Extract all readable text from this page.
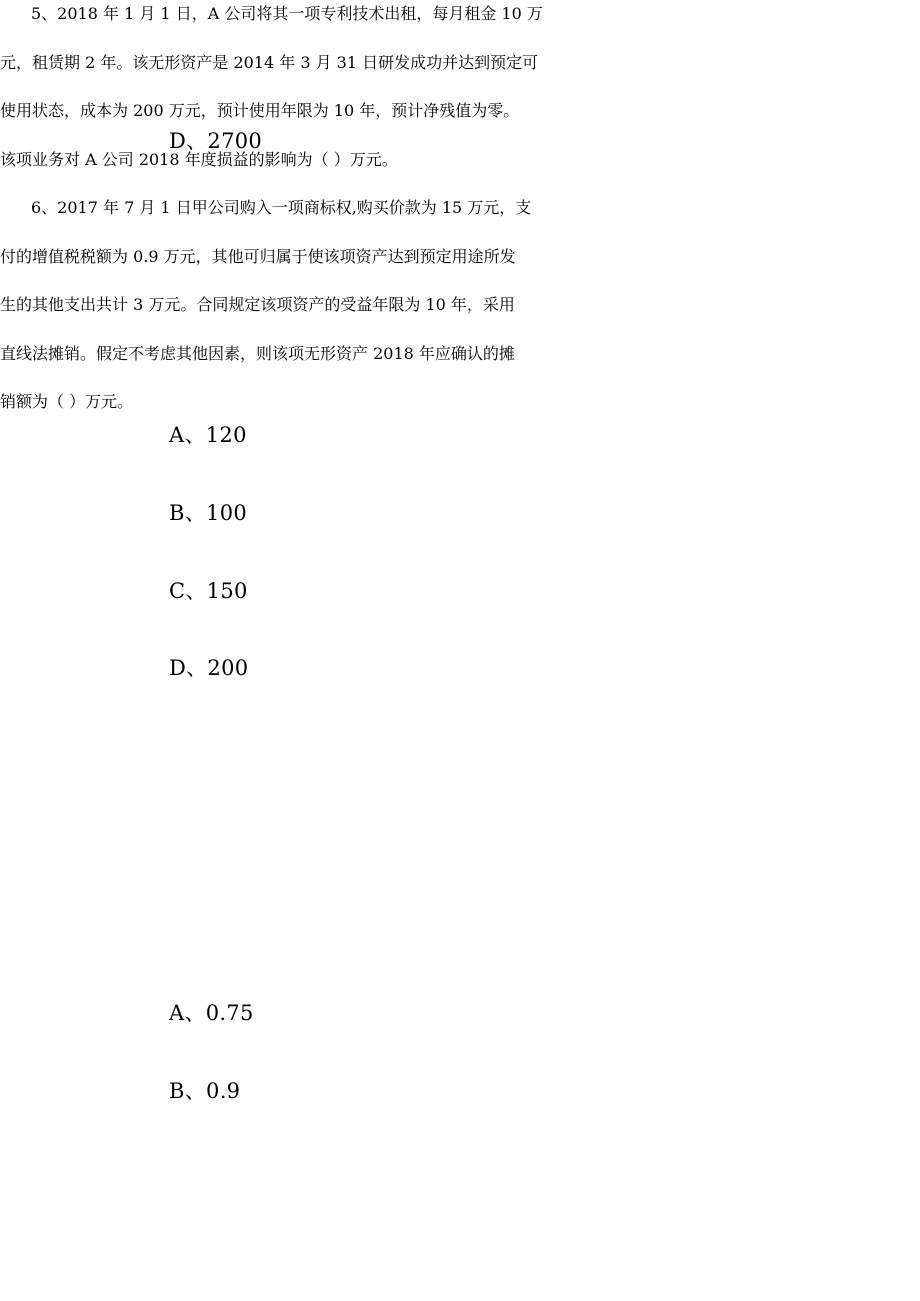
D、2700
5、2018 年 1 月 1 日，A 公司将其一项专利技术出租，每月租金 10 万
元，租赁期 2 年。该无形资产是 2014 年 3 月 31 日研发成功并达到预定可
使用状态，成本为 200 万元，预计使用年限为 10 年，预计净残值为零。
该项业务对 A 公司 2018 年度损益的影响为（ ）万元。
A、120
B、100
C、150
D、200
6、2017 年 7 月 1 日甲公司购入一项商标权,购买价款为 15 万元，支
付的增值税税额为 0.9 万元，其他可归属于使该项资产达到预定用途所发
生的其他支出共计 3 万元。合同规定该项资产的受益年限为 10 年，采用
直线法摊销。假定不考虑其他因素，则该项无形资产 2018 年应确认的摊
销额为（ ）万元。
A、0.75
B、0.9
